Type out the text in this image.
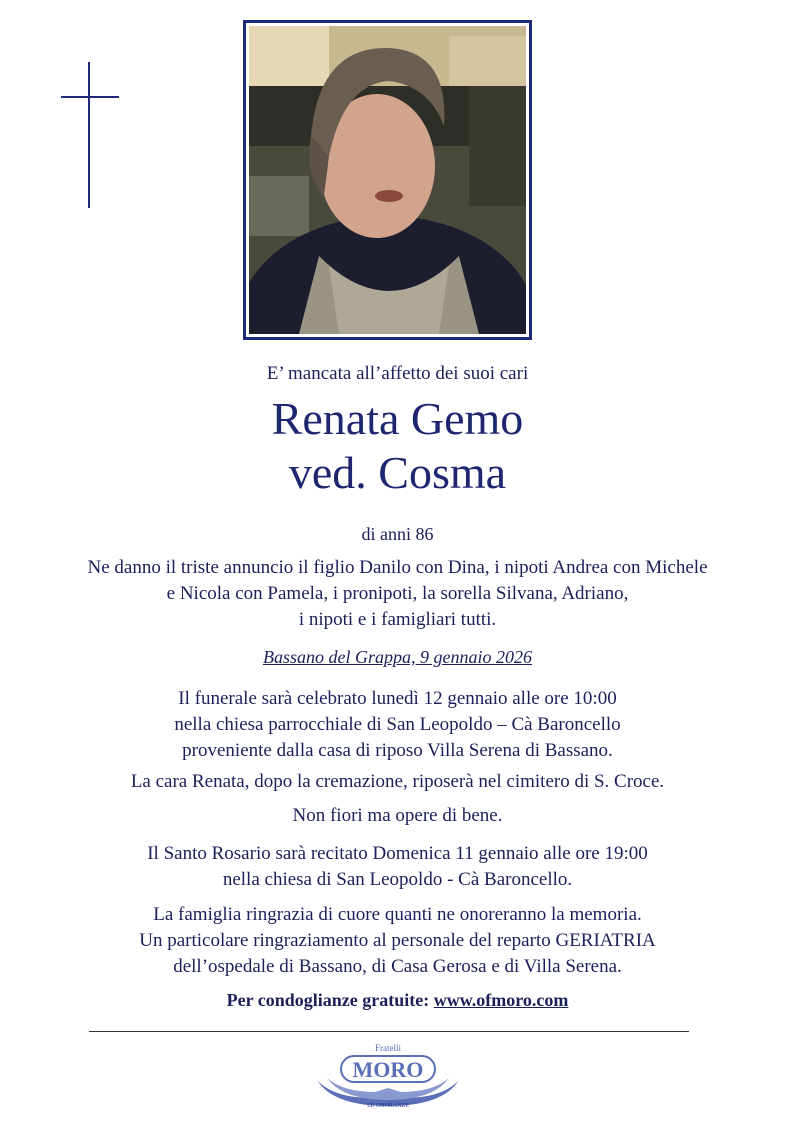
E’ mancata all’affetto dei suoi cari
Renata Gemo
ved. Cosma
di anni 86
Ne danno il triste annuncio il figlio Danilo con Dina, i nipoti Andrea con Michele
e Nicola con Pamela, i pronipoti, la sorella Silvana, Adriano,
i nipoti e i famigliari tutti.
Bassano del Grappa, 9 gennaio 2026
Il funerale sarà celebrato lunedì 12 gennaio alle ore 10:00
nella chiesa parrocchiale di San Leopoldo – Cà Baroncello
proveniente dalla casa di riposo Villa Serena di Bassano.
La cara Renata, dopo la cremazione, riposerà nel cimitero di S. Croce.
Non fiori ma opere di bene.
Il Santo Rosario sarà recitato Domenica 11 gennaio alle ore 19:00
nella chiesa di San Leopoldo - Cà Baroncello.
La famiglia ringrazia di cuore quanti ne onoreranno la memoria.
Un particolare ringraziamento al personale del reparto GERIATRIA
dell’ospedale di Bassano, di Casa Gerosa e di Villa Serena.
Per condoglianze gratuite: www.ofmoro.com
Fratelli
MORO
LE ONORANZE
